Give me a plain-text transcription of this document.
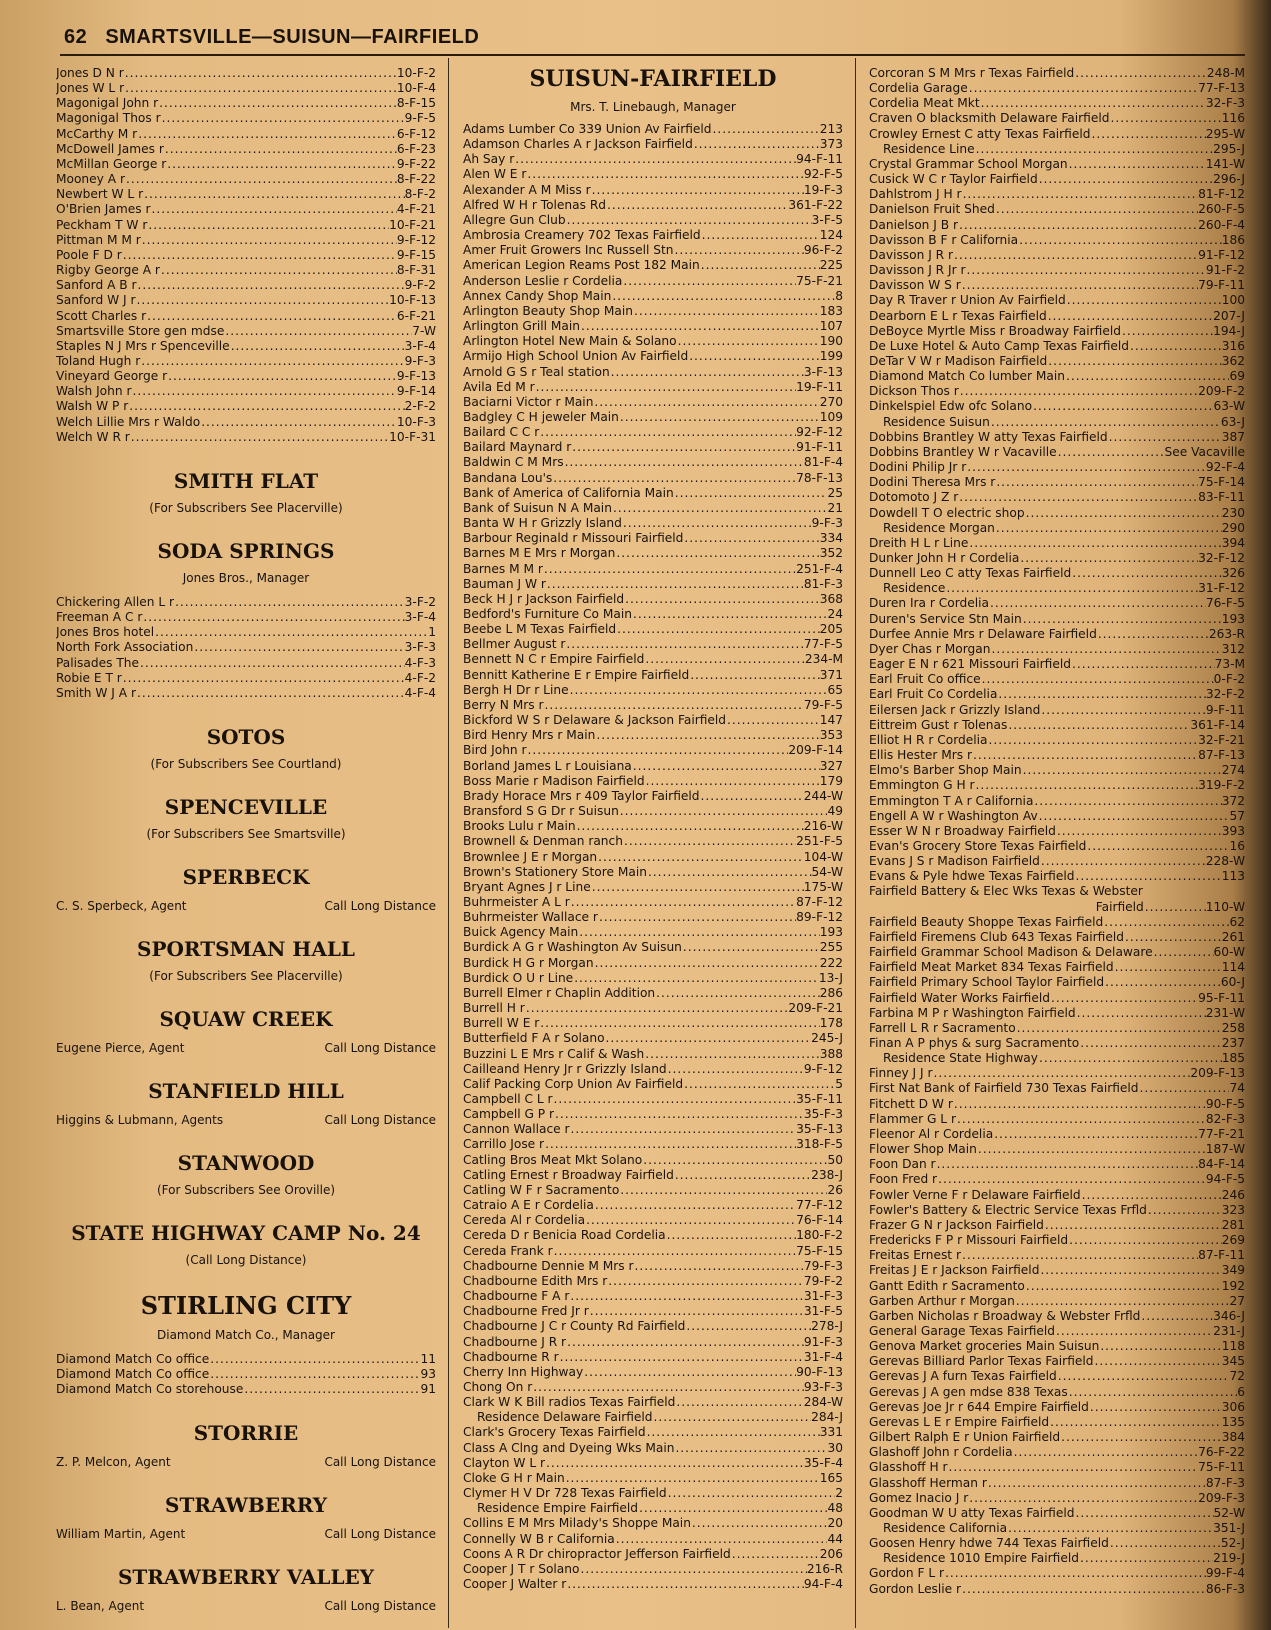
62 SMARTSVILLE—SUISUN—FAIRFIELD
Jones D N r .....	10-F-2
Jones W L r .....	10-F-4
Magonigal John r .....	8-F-15
Magonigal Thos r .....	9-F-5
McCarthy M r .....	6-F-12
McDowell James r .....	6-F-23
McMillan George r .....	9-F-22
Mooney A r .....	8-F-22
Newbert W L r .....	8-F-2
O'Brien James r .....	4-F-21
Peckham T W r .....	10-F-21
Pittman M M r .....	9-F-12
Poole F D r .....	9-F-15
Rigby George A r .....	8-F-31
Sanford A B r .....	9-F-2
Sanford W J r .....	10-F-13
Scott Charles r .....	6-F-21
Smartsville Store gen mdse .....	7-W
Staples N J Mrs r Spenceville .....	3-F-4
Toland Hugh r .....	9-F-3
Vineyard George r .....	9-F-13
Walsh John r .....	9-F-14
Walsh W P r .....	2-F-2
Welch Lillie Mrs r Waldo .....	10-F-3
Welch W R r .....	10-F-31
SMITH FLAT
(For Subscribers See Placerville)
SODA SPRINGS
Jones Bros., Manager
Chickering Allen L r .....	3-F-2
Freeman A C r .....	3-F-4
Jones Bros hotel .....	1
North Fork Association .....	3-F-3
Palisades The .....	4-F-3
Robie E T r .....	4-F-2
Smith W J A r .....	4-F-4
SOTOS
(For Subscribers See Courtland)
SPENCEVILLE
(For Subscribers See Smartsville)
SPERBECK
C. S. Sperbeck, Agent	Call Long Distance
SPORTSMAN HALL
(For Subscribers See Placerville)
SQUAW CREEK
Eugene Pierce, Agent	Call Long Distance
STANFIELD HILL
Higgins & Lubmann, Agents	Call Long Distance
STANWOOD
(For Subscribers See Oroville)
STATE HIGHWAY CAMP No. 24
(Call Long Distance)
STIRLING CITY
Diamond Match Co., Manager
Diamond Match Co office .....	11
Diamond Match Co office .....	93
Diamond Match Co storehouse .....	91
STORRIE
Z. P. Melcon, Agent	Call Long Distance
STRAWBERRY
William Martin, Agent	Call Long Distance
STRAWBERRY VALLEY
L. Bean, Agent	Call Long Distance
SUISUN-FAIRFIELD
Mrs. T. Linebaugh, Manager
Adams Lumber Co 339 Union Av Fairfield .....	213
Adamson Charles A r Jackson Fairfield .....	373
Ah Say r .....	94-F-11
Alen W E r .....	92-F-5
Alexander A M Miss r .....	19-F-3
Alfred W H r Tolenas Rd .....	361-F-22
Allegre Gun Club .....	3-F-5
Ambrosia Creamery 702 Texas Fairfield .....	124
Amer Fruit Growers Inc Russell Stn .....	96-F-2
American Legion Reams Post 182 Main .....	225
Anderson Leslie r Cordelia .....	75-F-21
Annex Candy Shop Main .....	8
Arlington Beauty Shop Main .....	183
Arlington Grill Main .....	107
Arlington Hotel New Main & Solano .....	190
Armijo High School Union Av Fairfield .....	199
Arnold G S r Teal station .....	3-F-13
Avila Ed M r .....	19-F-11
Baciarni Victor r Main .....	270
Badgley C H jeweler Main .....	109
Bailard C C r .....	92-F-12
Bailard Maynard r .....	91-F-11
Baldwin C M Mrs .....	81-F-4
Bandana Lou's .....	78-F-13
Bank of America of California Main .....	25
Bank of Suisun N A Main .....	21
Banta W H r Grizzly Island .....	9-F-3
Barbour Reginald r Missouri Fairfield .....	334
Barnes M E Mrs r Morgan .....	352
Barnes M M r .....	251-F-4
Bauman J W r .....	81-F-3
Beck H J r Jackson Fairfield .....	368
Bedford's Furniture Co Main .....	24
Beebe L M Texas Fairfield .....	205
Bellmer August r .....	77-F-5
Bennett N C r Empire Fairfield .....	234-M
Bennitt Katherine E r Empire Fairfield .....	371
Bergh H Dr r Line .....	65
Berry N Mrs r .....	79-F-5
Bickford W S r Delaware & Jackson Fairfield .....	147
Bird Henry Mrs r Main .....	353
Bird John r .....	209-F-14
Borland James L r Louisiana .....	327
Boss Marie r Madison Fairfield .....	179
Brady Horace Mrs r 409 Taylor Fairfield .....	244-W
Bransford S G Dr r Suisun .....	49
Brooks Lulu r Main .....	216-W
Brownell & Denman ranch .....	251-F-5
Brownlee J E r Morgan .....	104-W
Brown's Stationery Store Main .....	54-W
Bryant Agnes J r Line .....	175-W
Buhrmeister A L r .....	87-F-12
Buhrmeister Wallace r .....	89-F-12
Buick Agency Main .....	193
Burdick A G r Washington Av Suisun .....	255
Burdick H G r Morgan .....	222
Burdick O U r Line .....	13-J
Burrell Elmer r Chaplin Addition .....	286
Burrell H r .....	209-F-21
Burrell W E r .....	178
Butterfield F A r Solano .....	245-J
Buzzini L E Mrs r Calif & Wash .....	388
Cailleand Henry Jr r Grizzly Island .....	9-F-12
Calif Packing Corp Union Av Fairfield .....	5
Campbell C L r .....	35-F-11
Campbell G P r .....	35-F-3
Cannon Wallace r .....	35-F-13
Carrillo Jose r .....	318-F-5
Catling Bros Meat Mkt Solano .....	50
Catling Ernest r Broadway Fairfield .....	238-J
Catling W F r Sacramento .....	26
Catraio A E r Cordelia .....	77-F-12
Cereda Al r Cordelia .....	76-F-14
Cereda D r Benicia Road Cordelia .....	180-F-2
Cereda Frank r .....	75-F-15
Chadbourne Dennie M Mrs r .....	79-F-3
Chadbourne Edith Mrs r .....	79-F-2
Chadbourne F A r .....	31-F-3
Chadbourne Fred Jr r .....	31-F-5
Chadbourne J C r County Rd Fairfield .....	278-J
Chadbourne J R r .....	91-F-3
Chadbourne R r .....	31-F-4
Cherry Inn Highway .....	90-F-13
Chong On r .....	93-F-3
Clark W K Bill radios Texas Fairfield .....	284-W
Residence Delaware Fairfield .....	284-J
Clark's Grocery Texas Fairfield .....	331
Class A Clng and Dyeing Wks Main .....	30
Clayton W L r .....	35-F-4
Cloke G H r Main .....	165
Clymer H V Dr 728 Texas Fairfield .....	2
Residence Empire Fairfield .....	48
Collins E M Mrs Milady's Shoppe Main .....	20
Connelly W B r California .....	44
Coons A R Dr chiropractor Jefferson Fairfield .....	206
Cooper J T r Solano .....	216-R
Cooper J Walter r .....	94-F-4
Corcoran S M Mrs r Texas Fairfield .....	248-M
Cordelia Garage .....	77-F-13
Cordelia Meat Mkt .....	32-F-3
Craven O blacksmith Delaware Fairfield .....	116
Crowley Ernest C atty Texas Fairfield .....	295-W
Residence Line .....	295-J
Crystal Grammar School Morgan .....	141-W
Cusick W C r Taylor Fairfield .....	296-J
Dahlstrom J H r .....	81-F-12
Danielson Fruit Shed .....	260-F-5
Danielson J B r .....	260-F-4
Davisson B F r California .....	186
Davisson J R r .....	91-F-12
Davisson J R Jr r .....	91-F-2
Davisson W S r .....	79-F-11
Day R Traver r Union Av Fairfield .....	100
Dearborn E L r Texas Fairfield .....	207-J
DeBoyce Myrtle Miss r Broadway Fairfield .....	194-J
De Luxe Hotel & Auto Camp Texas Fairfield .....	316
DeTar V W r Madison Fairfield .....	362
Diamond Match Co lumber Main .....	69
Dickson Thos r .....	209-F-2
Dinkelspiel Edw ofc Solano .....	63-W
Residence Suisun .....	63-J
Dobbins Brantley W atty Texas Fairfield .....	387
Dobbins Brantley W r Vacaville .....	See Vacaville
Dodini Philip Jr r .....	92-F-4
Dodini Theresa Mrs r .....	75-F-14
Dotomoto J Z r .....	83-F-11
Dowdell T O electric shop .....	230
Residence Morgan .....	290
Dreith H L r Line .....	394
Dunker John H r Cordelia .....	32-F-12
Dunnell Leo C atty Texas Fairfield .....	326
Residence .....	31-F-12
Duren Ira r Cordelia .....	76-F-5
Duren's Service Stn Main .....	193
Durfee Annie Mrs r Delaware Fairfield .....	263-R
Dyer Chas r Morgan .....	312
Eager E N r 621 Missouri Fairfield .....	73-M
Earl Fruit Co office .....	0-F-2
Earl Fruit Co Cordelia .....	32-F-2
Eilersen Jack r Grizzly Island .....	9-F-11
Eittreim Gust r Tolenas .....	361-F-14
Elliot H R r Cordelia .....	32-F-21
Ellis Hester Mrs r .....	87-F-13
Elmo's Barber Shop Main .....	274
Emmington G H r .....	319-F-2
Emmington T A r California .....	372
Engell A W r Washington Av .....	57
Esser W N r Broadway Fairfield .....	393
Evan's Grocery Store Texas Fairfield .....	16
Evans J S r Madison Fairfield .....	228-W
Evans & Pyle hdwe Texas Fairfield .....	113
Fairfield Battery & Elec Wks Texas & Webster
Fairfield .....	110-W
Fairfield Beauty Shoppe Texas Fairfield .....	62
Fairfield Firemens Club 643 Texas Fairfield .....	261
Fairfield Grammar School Madison & Delaware .....	60-W
Fairfield Meat Market 834 Texas Fairfield .....	114
Fairfield Primary School Taylor Fairfield .....	60-J
Fairfield Water Works Fairfield .....	95-F-11
Farbina M P r Washington Fairfield .....	231-W
Farrell L R r Sacramento .....	258
Finan A P phys & surg Sacramento .....	237
Residence State Highway .....	185
Finney J J r .....	209-F-13
First Nat Bank of Fairfield 730 Texas Fairfield .....	74
Fitchett D W r .....	90-F-5
Flammer G L r .....	82-F-3
Fleenor Al r Cordelia .....	77-F-21
Flower Shop Main .....	187-W
Foon Dan r .....	84-F-14
Foon Fred r .....	94-F-5
Fowler Verne F r Delaware Fairfield .....	246
Fowler's Battery & Electric Service Texas Frfld .....	323
Frazer G N r Jackson Fairfield .....	281
Fredericks F P r Missouri Fairfield .....	269
Freitas Ernest r .....	87-F-11
Freitas J E r Jackson Fairfield .....	349
Gantt Edith r Sacramento .....	192
Garben Arthur r Morgan .....	27
Garben Nicholas r Broadway & Webster Frfld .....	346-J
General Garage Texas Fairfield .....	231-J
Genova Market groceries Main Suisun .....	118
Gerevas Billiard Parlor Texas Fairfield .....	345
Gerevas J A furn Texas Fairfield .....	72
Gerevas J A gen mdse 838 Texas .....	6
Gerevas Joe Jr r 644 Empire Fairfield .....	306
Gerevas L E r Empire Fairfield .....	135
Gilbert Ralph E r Union Fairfield .....	384
Glashoff John r Cordelia .....	76-F-22
Glasshoff H r .....	75-F-11
Glasshoff Herman r .....	87-F-3
Gomez Inacio J r .....	209-F-3
Goodman W U atty Texas Fairfield .....	52-W
Residence California .....	351-J
Goosen Henry hdwe 744 Texas Fairfield .....	52-J
Residence 1010 Empire Fairfield .....	219-J
Gordon F L r .....	99-F-4
Gordon Leslie r .....	86-F-3
